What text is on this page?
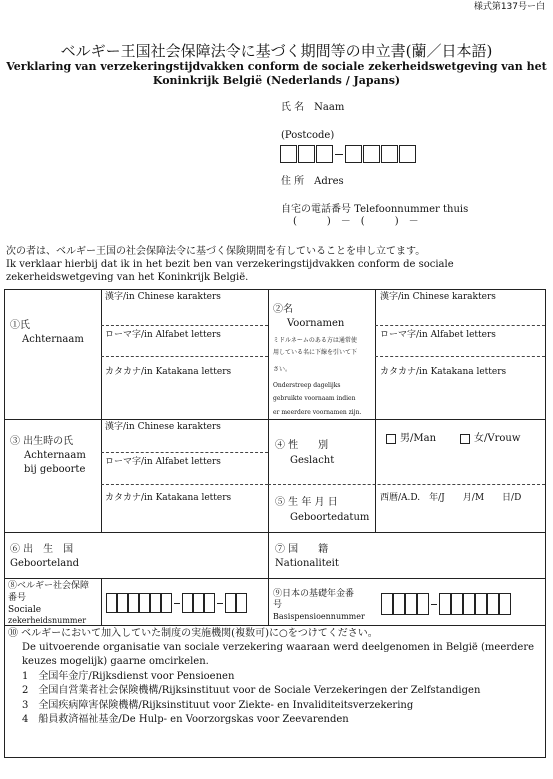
様式第137号ー白
ベルギー王国社会保障法令に基づく期間等の申立書(蘭／日本語)
Verklaring van verzekeringstijdvakken conform de sociale zekerheidswetgeving van het
Koninkrijk België (Nederlands / Japans)
氏 名　Naam
(Postcode)
住 所　Adres
自宅の電話番号 Telefoonnummer thuis
(　　　)　－　(　　　)　－
次の者は、ベルギー王国の社会保障法令に基づく保険期間を有していることを申し立てます。
Ik verklaar hierbij dat ik in het bezit ben van verzekeringstijdvakken conform de sociale
zekerheidswetgeving van het Koninkrijk België.
①氏
Achternaam
漢字/in Chinese karakters
ローマ字/in Alfabet letters
カタカナ/in Katakana letters
②名
Voornamen
ミドルネームのある方は通常使
用している名に下線を引いて下
さい。
Onderstreep dagelijks
gebruikte voornaam indien
er meerdere voornamen zijn.
漢字/in Chinese karakters
ローマ字/in Alfabet letters
カタカナ/in Katakana letters
③ 出生時の氏
Achternaam
bij geboorte
漢字/in Chinese karakters
ローマ字/in Alfabet letters
カタカナ/in Katakana letters
④ 性　　別
Geslacht
男/Man	女/Vrouw
⑤ 生 年 月 日
Geboortedatum
西暦/A.D.　年/J　　月/M　　日/D
⑥ 出　生　国
Geboorteland
⑦ 国　　籍
Nationaliteit
⑧ベルギー社会保障
番号
Sociale
zekerheidsnummer
⑨日本の基礎年金番
号
Basispensioennummer
⑩ ベルギーにおいて加入していた制度の実施機関(複数可)に○をつけてください。
De uitvoerende organisatie van sociale verzekering waaraan werd deelgenomen in België (meerdere
keuzes mogelijk) gaarne omcirkelen.
1　全国年金庁/Rijksdienst voor Pensioenen
2　全国自営業者社会保険機構/Rijksinstituut voor de Sociale Verzekeringen der Zelfstandigen
3　全国疾病障害保険機構/Rijksinstituut voor Ziekte- en Invaliditeitsverzekering
4　船員救済福祉基金/De Hulp- en Voorzorgskas voor Zeevarenden
